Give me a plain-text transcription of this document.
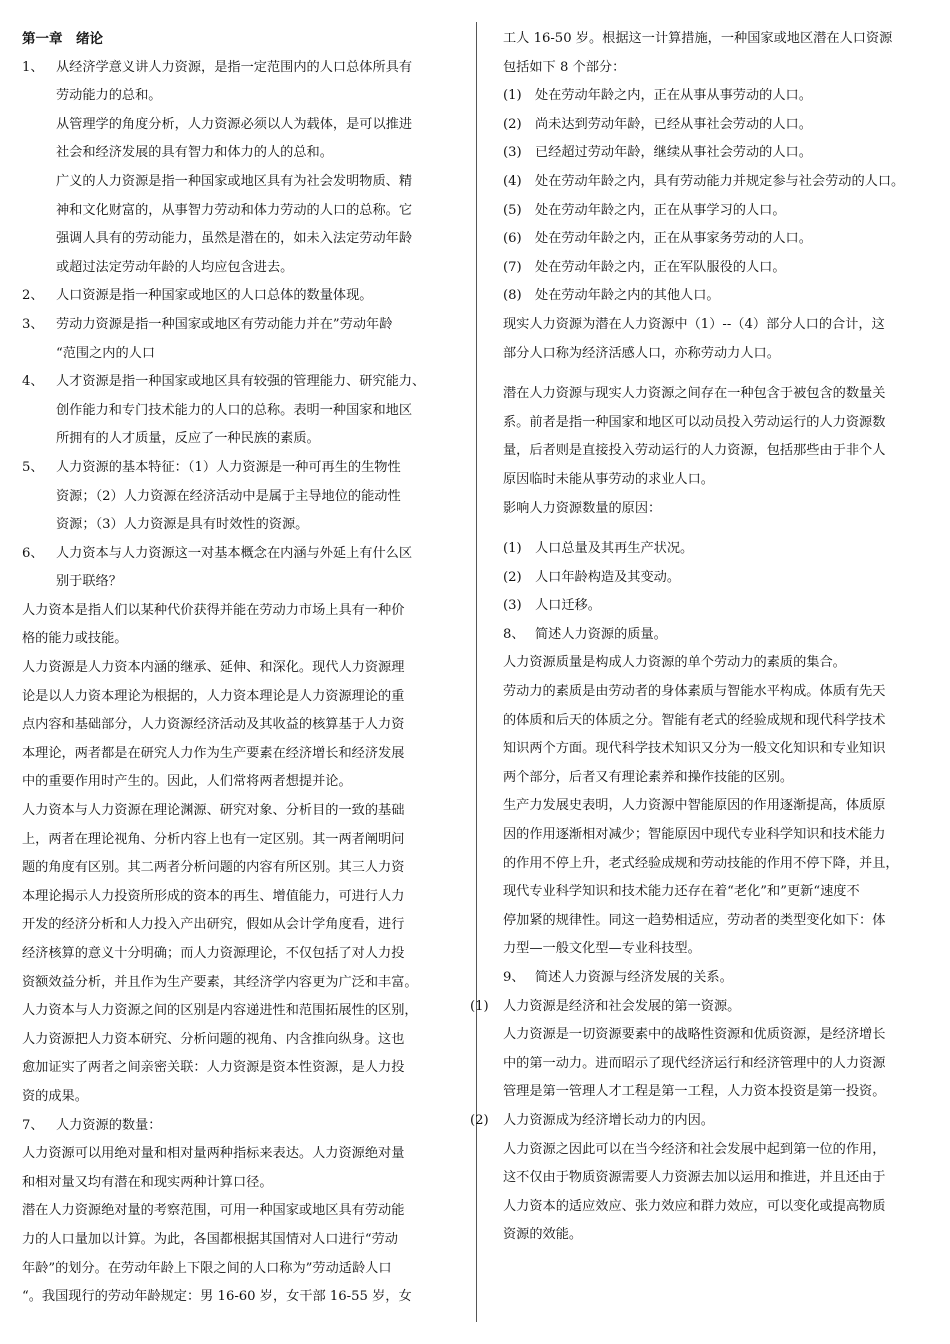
第一章　绪论
1、 从经济学意义讲人力资源，是指一定范围内的人口总体所具有
劳动能力的总和。
从管理学的角度分析，人力资源必须以人为载体，是可以推进
社会和经济发展的具有智力和体力的人的总和。
广义的人力资源是指一种国家或地区具有为社会发明物质、精
神和文化财富的，从事智力劳动和体力劳动的人口的总称。它
强调人具有的劳动能力，虽然是潜在的，如未入法定劳动年龄
或超过法定劳动年龄的人均应包含进去。
2、 人口资源是指一种国家或地区的人口总体的数量体现。
3、 劳动力资源是指一种国家或地区有劳动能力并在”劳动年龄
“范围之内的人口
4、 人才资源是指一种国家或地区具有较强的管理能力、研究能力、
创作能力和专门技术能力的人口的总称。表明一种国家和地区
所拥有的人才质量，反应了一种民族的素质。
5、 人力资源的基本特征：（1）人力资源是一种可再生的生物性
资源；（2）人力资源在经济活动中是属于主导地位的能动性
资源；（3）人力资源是具有时效性的资源。
6、 人力资本与人力资源这一对基本概念在内涵与外延上有什么区
别于联络？
人力资本是指人们以某种代价获得并能在劳动力市场上具有一种价
格的能力或技能。
人力资源是人力资本内涵的继承、延伸、和深化。现代人力资源理
论是以人力资本理论为根据的，人力资本理论是人力资源理论的重
点内容和基础部分，人力资源经济活动及其收益的核算基于人力资
本理论，两者都是在研究人力作为生产要素在经济增长和经济发展
中的重要作用时产生的。因此，人们常将两者想提并论。
人力资本与人力资源在理论渊源、研究对象、分析目的一致的基础
上，两者在理论视角、分析内容上也有一定区别。其一两者阐明问
题的角度有区别。其二两者分析问题的内容有所区别。其三人力资
本理论揭示人力投资所形成的资本的再生、增值能力，可进行人力
开发的经济分析和人力投入产出研究，假如从会计学角度看，进行
经济核算的意义十分明确；而人力资源理论，不仅包括了对人力投
资额效益分析，并且作为生产要素，其经济学内容更为广泛和丰富。
人力资本与人力资源之间的区别是内容递进性和范围拓展性的区别，
人力资源把人力资本研究、分析问题的视角、内含推向纵身。这也
愈加证实了两者之间亲密关联：人力资源是资本性资源，是人力投
资的成果。
7、 人力资源的数量：
人力资源可以用绝对量和相对量两种指标来表达。人力资源绝对量
和相对量又均有潜在和现实两种计算口径。
潜在人力资源绝对量的考察范围，可用一种国家或地区具有劳动能
力的人口量加以计算。为此，各国都根据其国情对人口进行“劳动
年龄”的划分。在劳动年龄上下限之间的人口称为”劳动适龄人口
“。我国现行的劳动年龄规定：男 16-60 岁，女干部 16-55 岁，女
工人 16-50 岁。根据这一计算措施，一种国家或地区潜在人口资源
包括如下 8 个部分：
(1) 处在劳动年龄之内，正在从事从事劳动的人口。
(2) 尚未达到劳动年龄，已经从事社会劳动的人口。
(3) 已经超过劳动年龄，继续从事社会劳动的人口。
(4) 处在劳动年龄之内，具有劳动能力并规定参与社会劳动的人口。
(5) 处在劳动年龄之内，正在从事学习的人口。
(6) 处在劳动年龄之内，正在从事家务劳动的人口。
(7) 处在劳动年龄之内，正在军队服役的人口。
(8) 处在劳动年龄之内的其他人口。
现实人力资源为潜在人力资源中（1）--（4）部分人口的合计，这
部分人口称为经济活感人口，亦称劳动力人口。
潜在人力资源与现实人力资源之间存在一种包含于被包含的数量关
系。前者是指一种国家和地区可以动员投入劳动运行的人力资源数
量，后者则是直接投入劳动运行的人力资源，包括那些由于非个人
原因临时未能从事劳动的求业人口。
影响人力资源数量的原因：
(1) 人口总量及其再生产状况。
(2) 人口年龄构造及其变动。
(3) 人口迁移。
8、 简述人力资源的质量。
人力资源质量是构成人力资源的单个劳动力的素质的集合。
劳动力的素质是由劳动者的身体素质与智能水平构成。体质有先天
的体质和后天的体质之分。智能有老式的经验成规和现代科学技术
知识两个方面。现代科学技术知识又分为一般文化知识和专业知识
两个部分，后者又有理论素养和操作技能的区别。
生产力发展史表明，人力资源中智能原因的作用逐渐提高，体质原
因的作用逐渐相对减少；智能原因中现代专业科学知识和技术能力
的作用不停上升，老式经验成规和劳动技能的作用不停下降，并且，
现代专业科学知识和技术能力还存在着“老化”和”更新“速度不
停加紧的规律性。同这一趋势相适应，劳动者的类型变化如下：体
力型—一般文化型—专业科技型。
9、 简述人力资源与经济发展的关系。
(1) 人力资源是经济和社会发展的第一资源。
人力资源是一切资源要素中的战略性资源和优质资源，是经济增长
中的第一动力。进而昭示了现代经济运行和经济管理中的人力资源
管理是第一管理人才工程是第一工程，人力资本投资是第一投资。
(2) 人力资源成为经济增长动力的内因。
人力资源之因此可以在当今经济和社会发展中起到第一位的作用，
这不仅由于物质资源需要人力资源去加以运用和推进，并且还由于
人力资本的适应效应、张力效应和群力效应，可以变化或提高物质
资源的效能。
